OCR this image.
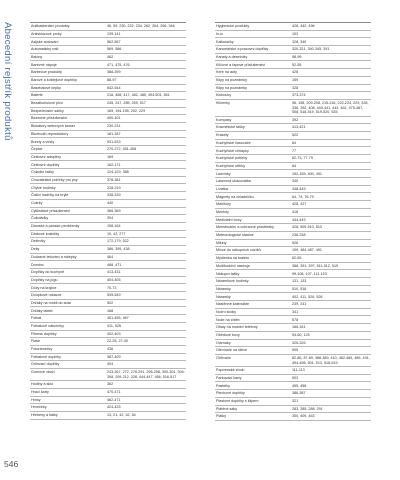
Abecední rejstřík produktů
546
Antibakteriální produkty	46, 59, 230, 232, 234, 262, 264, 266, 346
Antiskluzové prvky	139-141
Asijské stolování	562-567
Automatický rošt	569, 586
Balóny	462
Barevné nápoje	471, 475, 476
Barbecue produkty	388-399
Barové a koktejlové doplňky	88-97
Basebalové čepky	542-544
Baterie	218, 408, 417, 482, 485, 494-501, 561
Bezalkoholové pivo	245, 247, 285, 259, 517
Bezpečnostní sáčky	169, 194-195, 202, 229
Bezedné příslušenství	400-401
Blokátory webových kamer	230-231
Bluetooth reproduktory	181-187
Bundy a vesty	531-533
Čepice	270-272, 451-456
Cestovní adaptéry	169
Cestovní doplňky	162-171
Chladicí tašky	124-129, 388
Chovatelské potřeby pro psy	378-381
Chytré hodinky	218-219
Čisticí hadříky na brýle	338-339
Cukrky	440
Cyklistické příslušenství	366-369
Čokoládky	394
Dámské a pánské peněženky	158-164
Dárkové krabičky	10, 42, 277
Deštníky	172-179, 522
Deky	386, 395, 438
Dočasné tetování a nálepky	464
Domino	468, 471
Doplňky do kuchyně	413-431
Doplňky na jógu	404-405
Dózy na krajíce	70-73
Doupkové rukávce	539-549
Držáky na mobil do auta	502
Držáky tablet	168
Fotbal	451-455, 467
Fotbalové nákrčníky	411, 526
Fitness doplňky	402-403
Flaše	22-25, 27-40
Fotorámečky	436
Fotbalové doplňky	387-409
Grilovací doplňky	404
Gumové zboží	243-267, 272, 278-291, 296-298, 300-301, 304-308, 209-212, 328, 444-447, 456, 516-517
Hodiny a sklo	362
Hrací karty	470-471
Hrnky	462-471
Hrnečeky	424-425
Hřebeny a šátky	13, 21, 42, 52, 54
Hygienické produkty	428, 442, 496
In-lo	103
Kalkulačky	328, 340
Kancelářské a pracovní doplňky	320-321, 340-345, 391
Kanafy a desetníky	98-99
Klíčové a řapové příslušenství	52-55
Keře na auty	428
Klipy na poznámky	169
Klipy na poznámky	328
Klobouky	373-374
Klíčenky	96, 158, 209-208, 215-216, 222-224, 229, 328, 336, 392, 408, 440-441, 443, 461, 475-487, 508, 518-519, 519-520, 535
Kompasy	392
Kosmetické tašky	413-421
Krasety	522
Kuchyňské časovače	64
Kuchyňské chňapky	77
Kuchyňské potřeby	62-73, 77-79
Kuchyňské utěrky	64
Ladvinky	152-155, 400, 401
Laserová ukazovátka	340
Lízátka	448-449
Magnety na chladničku	64, 74, 76-79
Manikúry	428, 427
Mentoly	418
Mediciální boxy	444-449
Menstruační a ochranné prostředky	428, 509-510, 513
Meteorologické stanice	236-238
Mikiny	526
Mince do nákupních vozíků	109, 484-487, 491
Mýdlenka na toaletu	62-65
Multifunkční nástroje	388, 391, 397, 511-512, 519
Nákupní tašky	99-108, 107, 111-123
Náramkové hodinky	131, 133
Náramky	510, 518
Náramky	402, 411, 526, 528
Nástěnné kalendáře	239, 241
Noční stolky	341
Nože na chléb	578
Obaly na mobilní telefony	166-161
Obědové boxy	54-60, 125
Odznaky	325-326
Otevírače na láhve	505
Ohřívače	82-85, 87-89, 388-389, 410, 482-485, 489, 491, 494-496, 501, 513, 518-519
Papírenské zboží	111-113
Parkovací karty	503
Pastelky	455, 458
Plechové doplňky	386-387
Plastové doplňky s klipem	321
Plátěné sáky	283, 285, 288, 291
Plátky	350, 409, 463
